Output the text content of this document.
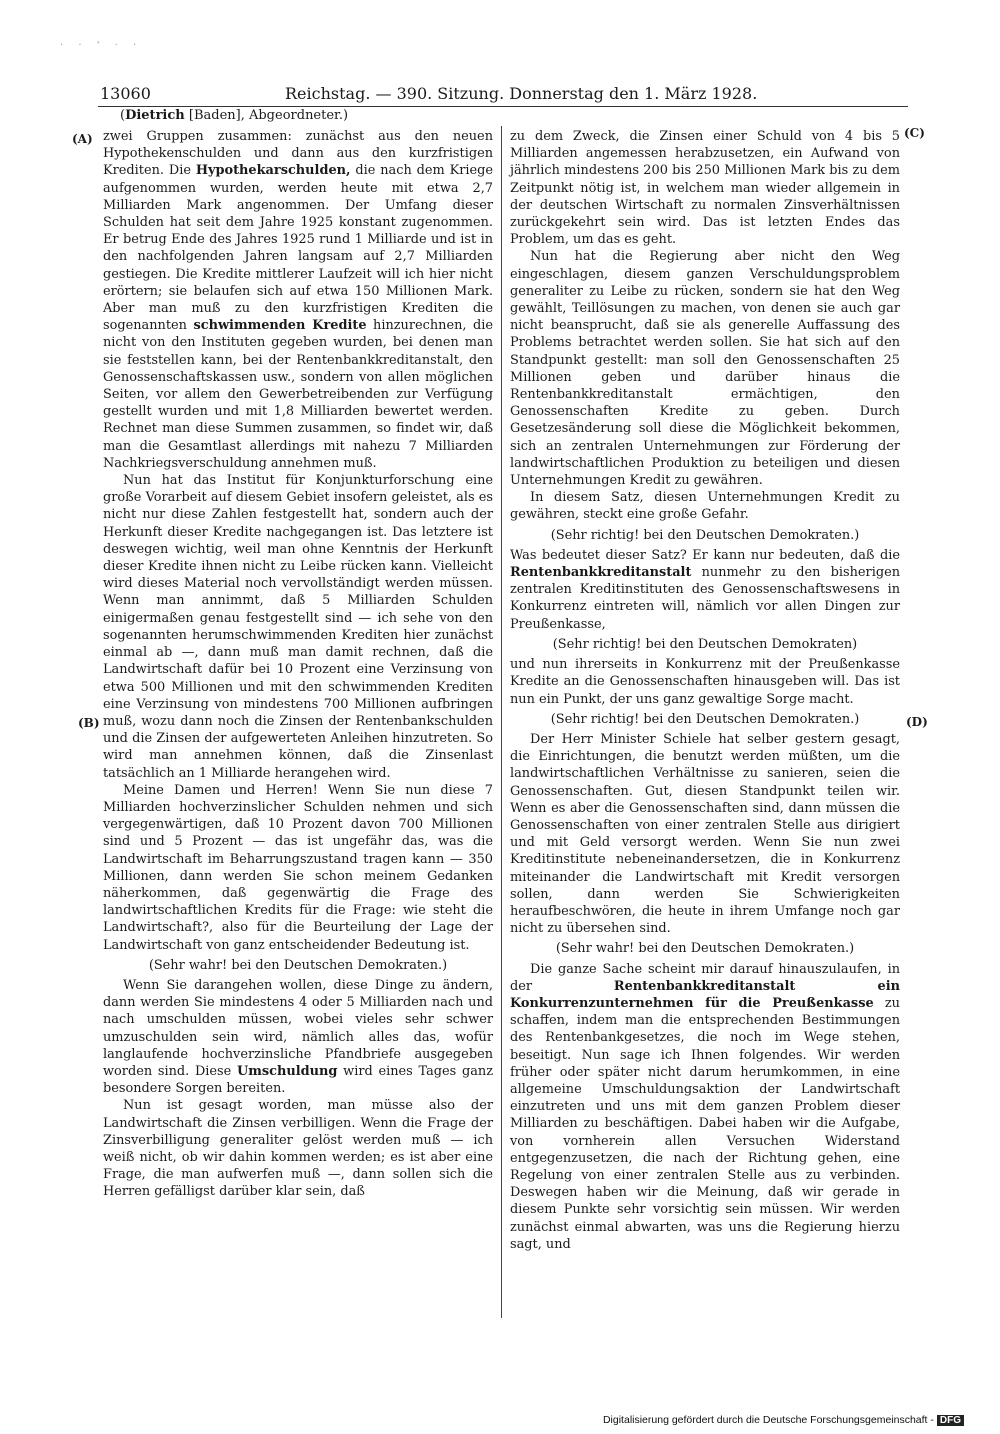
· · ' · ·
13060	Reichstag. — 390. Sitzung. Donnerstag den 1. März 1928.
(Dietrich [Baden], Abgeordneter.)
(A)
(B)
(C)
(D)

zwei Gruppen zusammen: zunächst aus den neuen Hypothekenschulden und dann aus den kurzfristigen Krediten. Die Hypothekarschulden, die nach dem Kriege aufgenommen wurden, werden heute mit etwa 2,7 Milliarden Mark angenommen. Der Umfang dieser Schulden hat seit dem Jahre 1925 konstant zugenommen. Er betrug Ende des Jahres 1925 rund 1 Milliarde und ist in den nachfolgenden Jahren langsam auf 2,7 Milliarden gestiegen. Die Kredite mittlerer Laufzeit will ich hier nicht erörtern; sie belaufen sich auf etwa 150 Millionen Mark. Aber man muß zu den kurzfristigen Krediten die sogenannten schwimmenden Kredite hinzurechnen, die nicht von den Instituten gegeben wurden, bei denen man sie feststellen kann, bei der Rentenbankkreditanstalt, den Genossenschaftskassen usw., sondern von allen möglichen Seiten, vor allem den Gewerbetreibenden zur Verfügung gestellt wurden und mit 1,8 Milliarden bewertet werden. Rechnet man diese Summen zusammen, so findet wir, daß man die Gesamtlast allerdings mit nahezu 7 Milliarden Nachkriegsverschuldung annehmen muß.

Nun hat das Institut für Konjunkturforschung eine große Vorarbeit auf diesem Gebiet insofern geleistet, als es nicht nur diese Zahlen festgestellt hat, sondern auch der Herkunft dieser Kredite nachgegangen ist. Das letztere ist deswegen wichtig, weil man ohne Kenntnis der Herkunft dieser Kredite ihnen nicht zu Leibe rücken kann. Vielleicht wird dieses Material noch vervollständigt werden müssen. Wenn man annimmt, daß 5 Milliarden Schulden einigermaßen genau festgestellt sind — ich sehe von den sogenannten herumschwimmenden Krediten hier zunächst einmal ab —, dann muß man damit rechnen, daß die Landwirtschaft dafür bei 10 Prozent eine Verzinsung von etwa 500 Millionen und mit den schwimmenden Krediten eine Verzinsung von mindestens 700 Millionen aufbringen muß, wozu dann noch die Zinsen der Rentenbankschulden und die Zinsen der aufgewerteten Anleihen hinzutreten. So wird man annehmen können, daß die Zinsenlast tatsächlich an 1 Milliarde herangehen wird.

Meine Damen und Herren! Wenn Sie nun diese 7 Milliarden hochverzinslicher Schulden nehmen und sich vergegenwärtigen, daß 10 Prozent davon 700 Millionen sind und 5 Prozent — das ist ungefähr das, was die Landwirtschaft im Beharrungszustand tragen kann — 350 Millionen, dann werden Sie schon meinem Gedanken näherkommen, daß gegenwärtig die Frage des landwirtschaftlichen Kredits für die Frage: wie steht die Landwirtschaft?, also für die Beurteilung der Lage der Landwirtschaft von ganz entscheidender Bedeutung ist.

(Sehr wahr! bei den Deutschen Demokraten.)

Wenn Sie darangehen wollen, diese Dinge zu ändern, dann werden Sie mindestens 4 oder 5 Milliarden nach und nach umschulden müssen, wobei vieles sehr schwer umzuschulden sein wird, nämlich alles das, wofür langlaufende hochverzinsliche Pfandbriefe ausgegeben worden sind. Diese Umschuldung wird eines Tages ganz besondere Sorgen bereiten.

Nun ist gesagt worden, man müsse also der Landwirtschaft die Zinsen verbilligen. Wenn die Frage der Zinsverbilligung generaliter gelöst werden muß — ich weiß nicht, ob wir dahin kommen werden; es ist aber eine Frage, die man aufwerfen muß —, dann sollen sich die Herren gefälligst darüber klar sein, daß

zu dem Zweck, die Zinsen einer Schuld von 4 bis 5 Milliarden angemessen herabzusetzen, ein Aufwand von jährlich mindestens 200 bis 250 Millionen Mark bis zu dem Zeitpunkt nötig ist, in welchem man wieder allgemein in der deutschen Wirtschaft zu normalen Zinsverhältnissen zurückgekehrt sein wird. Das ist letzten Endes das Problem, um das es geht.

Nun hat die Regierung aber nicht den Weg eingeschlagen, diesem ganzen Verschuldungsproblem generaliter zu Leibe zu rücken, sondern sie hat den Weg gewählt, Teillösungen zu machen, von denen sie auch gar nicht beansprucht, daß sie als generelle Auffassung des Problems betrachtet werden sollen. Sie hat sich auf den Standpunkt gestellt: man soll den Genossenschaften 25 Millionen geben und darüber hinaus die Rentenbankkreditanstalt ermächtigen, den Genossenschaften Kredite zu geben. Durch Gesetzesänderung soll diese die Möglichkeit bekommen, sich an zentralen Unternehmungen zur Förderung der landwirtschaftlichen Produktion zu beteiligen und diesen Unternehmungen Kredit zu gewähren.

In diesem Satz, diesen Unternehmungen Kredit zu gewähren, steckt eine große Gefahr.

(Sehr richtig! bei den Deutschen Demokraten.)

Was bedeutet dieser Satz? Er kann nur bedeuten, daß die Rentenbankkreditanstalt nunmehr zu den bisherigen zentralen Kreditinstituten des Genossenschaftswesens in Konkurrenz eintreten will, nämlich vor allen Dingen zur Preußenkasse,

(Sehr richtig! bei den Deutschen Demokraten)

und nun ihrerseits in Konkurrenz mit der Preußenkasse Kredite an die Genossenschaften hinausgeben will. Das ist nun ein Punkt, der uns ganz gewaltige Sorge macht.

(Sehr richtig! bei den Deutschen Demokraten.)

Der Herr Minister Schiele hat selber gestern gesagt, die Einrichtungen, die benutzt werden müßten, um die landwirtschaftlichen Verhältnisse zu sanieren, seien die Genossenschaften. Gut, diesen Standpunkt teilen wir. Wenn es aber die Genossenschaften sind, dann müssen die Genossenschaften von einer zentralen Stelle aus dirigiert und mit Geld versorgt werden. Wenn Sie nun zwei Kreditinstitute nebeneinandersetzen, die in Konkurrenz miteinander die Landwirtschaft mit Kredit versorgen sollen, dann werden Sie Schwierigkeiten heraufbeschwören, die heute in ihrem Umfange noch gar nicht zu übersehen sind.

(Sehr wahr! bei den Deutschen Demokraten.)

Die ganze Sache scheint mir darauf hinauszulaufen, in der Rentenbankkreditanstalt ein Konkurrenzunternehmen für die Preußenkasse zu schaffen, indem man die entsprechenden Bestimmungen des Rentenbankgesetzes, die noch im Wege stehen, beseitigt. Nun sage ich Ihnen folgendes. Wir werden früher oder später nicht darum herumkommen, in eine allgemeine Umschuldungsaktion der Landwirtschaft einzutreten und uns mit dem ganzen Problem dieser Milliarden zu beschäftigen. Dabei haben wir die Aufgabe, von vornherein allen Versuchen Widerstand entgegenzusetzen, die nach der Richtung gehen, eine Regelung von einer zentralen Stelle aus zu verbinden. Deswegen haben wir die Meinung, daß wir gerade in diesem Punkte sehr vorsichtig sein müssen. Wir werden zunächst einmal abwarten, was uns die Regierung hierzu sagt, und

Digitalisierung gefördert durch die Deutsche Forschungsgemeinschaft - DFG
